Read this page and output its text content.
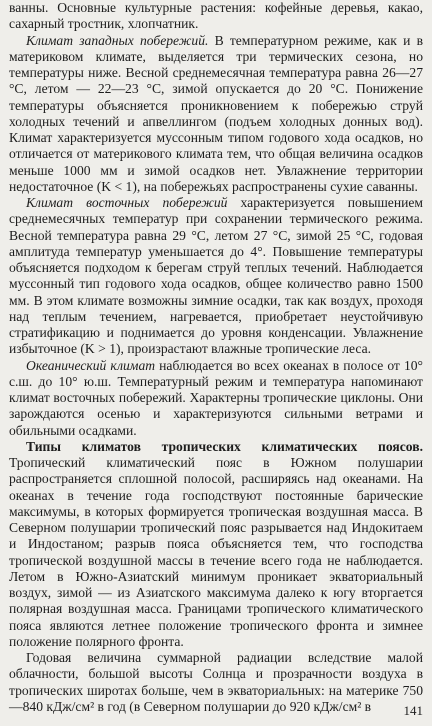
ванны. Основные культурные растения: кофейные деревья, какао, сахарный тростник, хлопчатник.

Климат западных побережий. В температурном режиме, как и в материковом климате, выделяется три термических сезона, но температуры ниже. Весной среднемесячная температура равна 26—27 °С, летом — 22—23 °С, зимой опускается до 20 °С. Понижение температуры объясняется проникновением к побережью струй холодных течений и апвеллингом (подъем холодных донных вод). Климат характеризуется муссонным типом годового хода осадков, но отличается от материкового климата тем, что общая величина осадков меньше 1000 мм и зимой осадков нет. Увлажнение территории недостаточное (K < 1), на побережьях распространены сухие саванны.

Климат восточных побережий характеризуется повышением среднемесячных температур при сохранении термического режима. Весной температура равна 29 °С, летом 27 °С, зимой 25 °С, годовая амплитуда температур уменьшается до 4°. Повышение температуры объясняется подходом к берегам струй теплых течений. Наблюдается муссонный тип годового хода осадков, общее количество равно 1500 мм. В этом климате возможны зимние осадки, так как воздух, проходя над теплым течением, нагревается, приобретает неустойчивую стратификацию и поднимается до уровня конденсации. Увлажнение избыточное (K > 1), произрастают влажные тропические леса.

Океанический климат наблюдается во всех океанах в полосе от 10° с.ш. до 10° ю.ш. Температурный режим и температура напоминают климат восточных побережий. Характерны тропические циклоны. Они зарождаются осенью и характеризуются сильными ветрами и обильными осадками.

Типы климатов тропических климатических поясов. Тропический климатический пояс в Южном полушарии распространяется сплошной полосой, расширяясь над океанами. На океанах в течение года господствуют постоянные барические максимумы, в которых формируется тропическая воздушная масса. В Северном полушарии тропический пояс разрывается над Индокитаем и Индостаном; разрыв пояса объясняется тем, что господства тропической воздушной массы в течение всего года не наблюдается. Летом в Южно-Азиатский минимум проникает экваториальный воздух, зимой — из Азиатского максимума далеко к югу вторгается полярная воздушная масса. Границами тропического климатического пояса являются летнее положение тропического фронта и зимнее положение полярного фронта.

Годовая величина суммарной радиации вследствие малой облачности, большой высоты Солнца и прозрачности воздуха в тропических широтах больше, чем в экваториальных: на материке 750—840 кДж/см² в год (в Северном полушарии до 920 кДж/см² в	141
